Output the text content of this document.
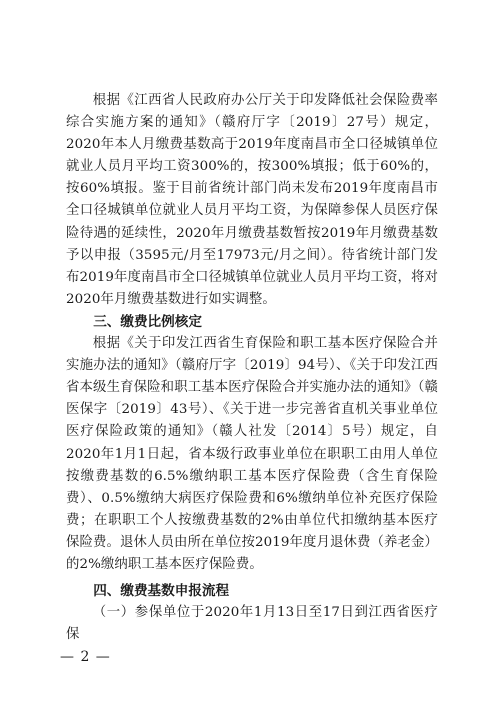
根据《江西省人民政府办公厅关于印发降低社会保险费率综合实施方案的通知》（赣府厅字〔2019〕27号）规定，2020年本人月缴费基数高于2019年度南昌市全口径城镇单位就业人员月平均工资300%的，按300%填报；低于60%的，按60%填报。鉴于目前省统计部门尚未发布2019年度南昌市全口径城镇单位就业人员月平均工资，为保障参保人员医疗保险待遇的延续性，2020年月缴费基数暂按2019年月缴费基数予以申报（3595元/月至17973元/月之间）。待省统计部门发布2019年度南昌市全口径城镇单位就业人员月平均工资，将对2020年月缴费基数进行如实调整。

三、缴费比例核定

根据《关于印发江西省生育保险和职工基本医疗保险合并实施办法的通知》（赣府厅字〔2019〕94号）、《关于印发江西省本级生育保险和职工基本医疗保险合并实施办法的通知》（赣医保字〔2019〕43号）、《关于进一步完善省直机关事业单位医疗保险政策的通知》（赣人社发〔2014〕5号）规定，自2020年1月1日起，省本级行政事业单位在职职工由用人单位按缴费基数的6.5%缴纳职工基本医疗保险费（含生育保险费）、0.5%缴纳大病医疗保险费和6%缴纳单位补充医疗保险费；在职职工个人按缴费基数的2%由单位代扣缴纳基本医疗保险费。退休人员由所在单位按2019年度月退休费（养老金）的2%缴纳职工基本医疗保险费。

四、缴费基数申报流程

（一）参保单位于2020年1月13日至17日到江西省医疗保

— 2 —
